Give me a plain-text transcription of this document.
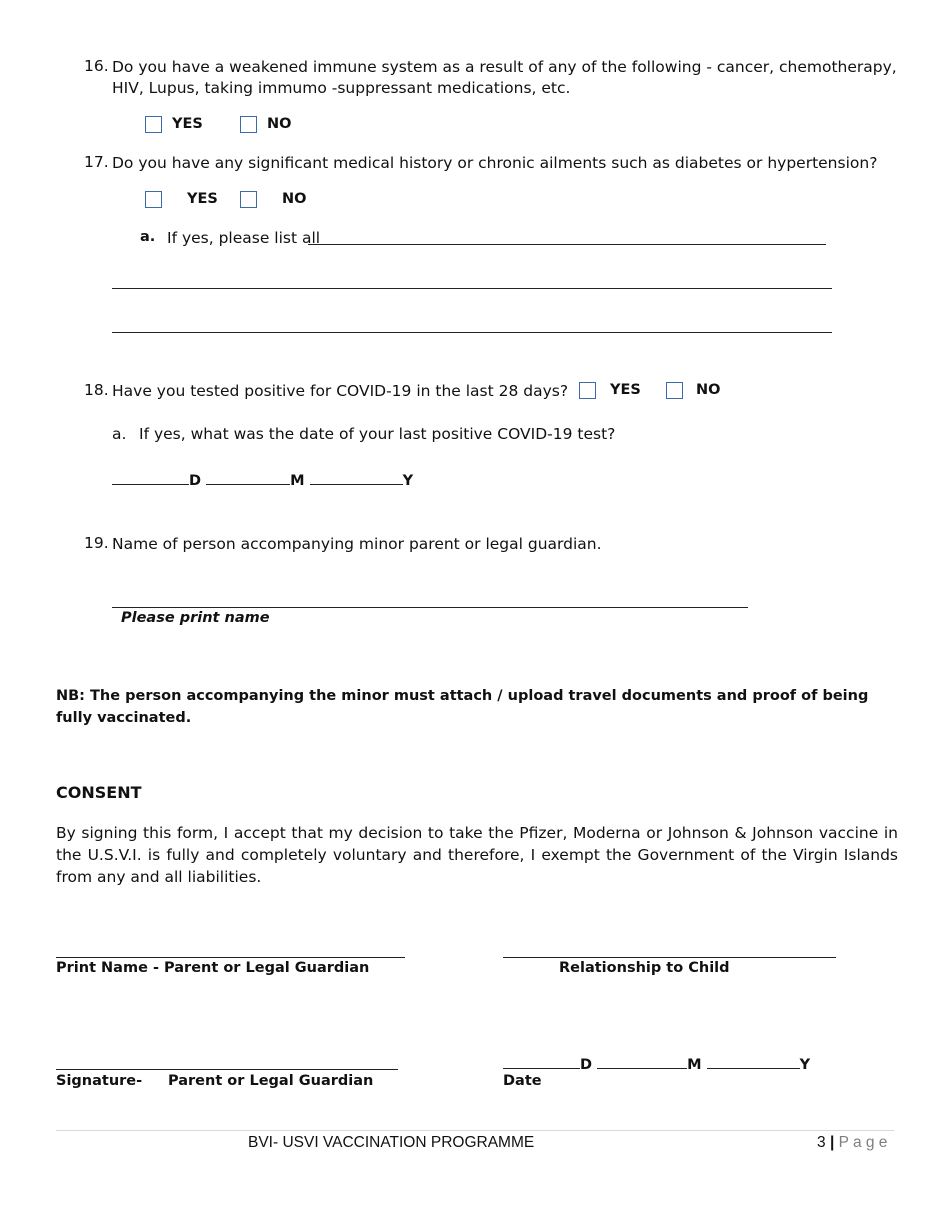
16. Do you have a weakened immune system as a result of any of the following - cancer, chemotherapy, HIV, Lupus, taking immumo -suppressant medications, etc.
YES	NO
17. Do you have any significant medical history or chronic ailments such as diabetes or hypertension?
YES	NO
a. If yes, please list all
18. Have you tested positive for COVID-19 in the last 28 days?	YES	NO
a. If yes, what was the date of your last positive COVID-19 test?
D	M	Y
19. Name of person accompanying minor parent or legal guardian.
Please print name
NB: The person accompanying the minor must attach / upload travel documents and proof of being fully vaccinated.
CONSENT
By signing this form, I accept that my decision to take the Pfizer, Moderna or Johnson & Johnson vaccine in the U.S.V.I. is fully and completely voluntary and therefore, I exempt the Government of the Virgin Islands from any and all liabilities.
Print Name - Parent or Legal Guardian	Relationship to Child
Signature- Parent or Legal Guardian
D	M	Y
Date
BVI- USVI VACCINATION PROGRAMME	3 | P a g e
